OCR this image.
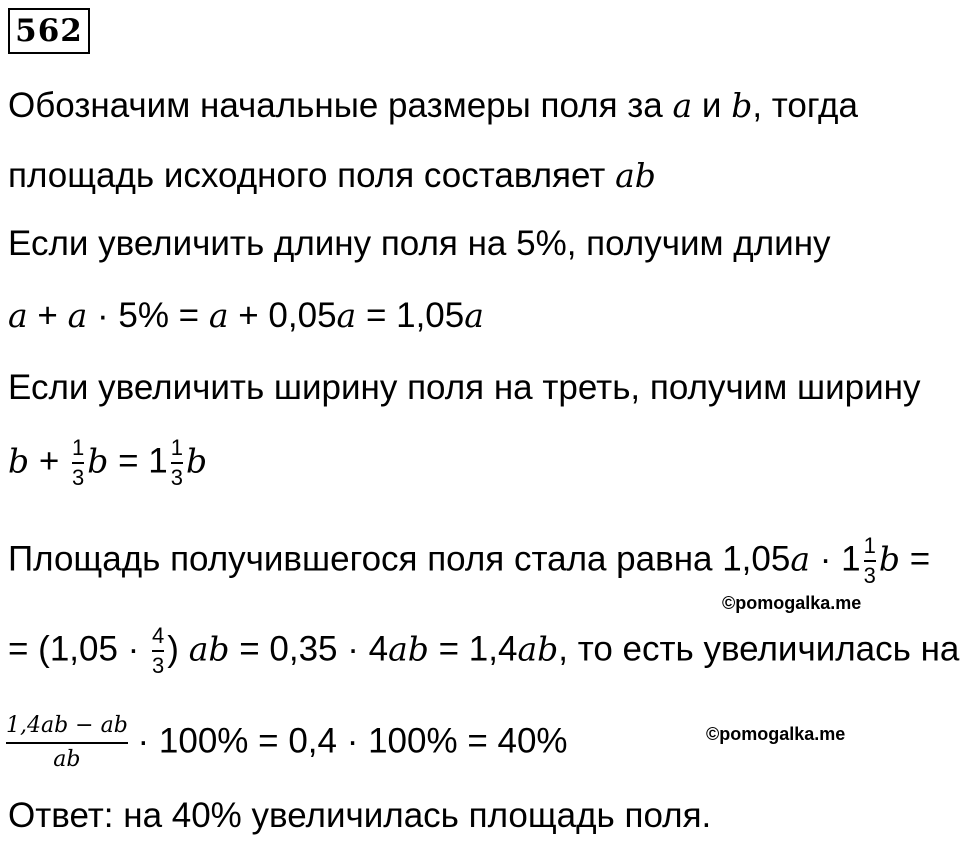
562
Обозначим начальные размеры поля за a и b, тогда
площадь исходного поля составляет ab
Если увеличить длину поля на 5%, получим длину
a + a · 5% = a + 0,05a = 1,05a
Если увеличить ширину поля на треть, получим ширину
$b + \frac{1}{3}$ $b = 1 \frac{1}{3}$ b
Площадь получившегося поля стала равна $1,05a \cdot 1 \frac{1}{3}$ b =
©pomogalka.me
= ($1,05 \cdot \frac{4}{3}$ ) ab = 0,35 · 4ab = 1,4ab, то есть увеличилась на
$\frac{1,4ab - ab}{ab} \cdot 100\% = 0,4 \cdot 100\% = 40\%$	©pomogalka.me
Ответ: на 40% увеличилась площадь поля.
